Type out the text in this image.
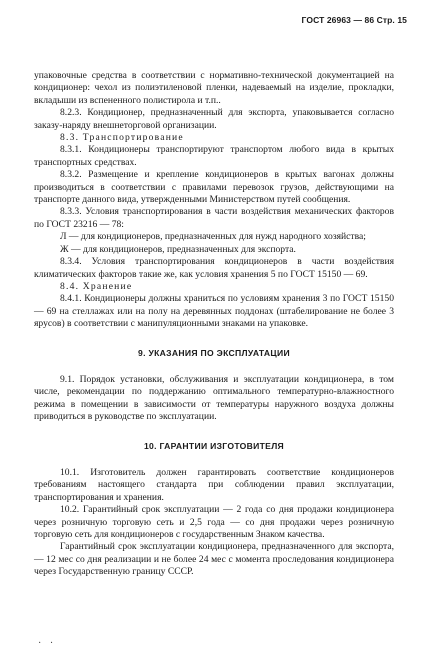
ГОСТ 26963 — 86 Стр. 15

упаковочные средства в соответствии с нормативно-технической документацией на кондиционер: чехол из полиэтиленовой пленки, надеваемый на изделие, прокладки, вкладыши из вспененного полистирола и т.п..

8.2.3. Кондиционер, предназначенный для экспорта, упаковывается согласно заказу-наряду внешнеторговой организации.

8.3. Транспортирование

8.3.1. Кондиционеры транспортируют транспортом любого вида в крытых транспортных средствах.

8.3.2. Размещение и крепление кондиционеров в крытых вагонах должны производиться в соответствии с правилами перевозок грузов, действующими на транспорте данного вида, утвержденными Министерством путей сообщения.

8.3.3. Условия транспортирования в части воздействия механических факторов по ГОСТ 23216 — 78:

Л — для кондиционеров, предназначенных для нужд народного хозяйства;

Ж — для кондиционеров, предназначенных для экспорта.

8.3.4. Условия транспортирования кондиционеров в части воздействия климатических факторов такие же, как условия хранения 5 по ГОСТ 15150 — 69.

8.4. Хранение

8.4.1. Кондиционеры должны храниться по условиям хранения 3 по ГОСТ 15150 — 69 на стеллажах или на полу на деревянных поддонах (штабелирование не более 3 ярусов) в соответствии с манипуляционными знаками на упаковке.

9. УКАЗАНИЯ ПО ЭКСПЛУАТАЦИИ

9.1. Порядок установки, обслуживания и эксплуатации кондиционера, в том числе, рекомендации по поддержанию оптимального температурно-влажностного режима в помещении в зависимости от температуры наружного воздуха должны приводиться в руководстве по эксплуатации.

10. ГАРАНТИИ ИЗГОТОВИТЕЛЯ

10.1. Изготовитель должен гарантировать соответствие кондиционеров требованиям настоящего стандарта при соблюдении правил эксплуатации, транспортирования и хранения.

10.2. Гарантийный срок эксплуатации — 2 года со дня продажи кондиционера через розничную торговую сеть и 2,5 года — со дня продажи через розничную торговую сеть для кондиционеров с государственным Знаком качества.

Гарантийный срок эксплуатации кондиционера, предназначенного для экспорта, — 12 мес со дня реализации и не более 24 мес с момента проследования кондиционера через Государственную границу СССР.

· ·
